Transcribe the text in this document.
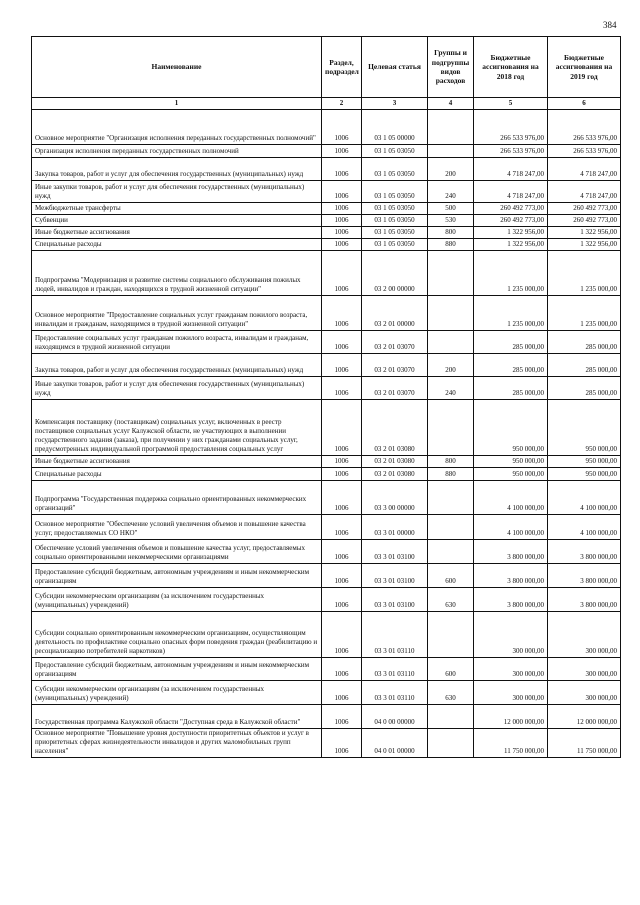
384
Наименование	Раздел, подраздел	Целевая статья	Группы и подгруппы видов расходов	Бюджетные ассигнования на 2018 год	Бюджетные ассигнования на 2019 год
1	2	3	4	5	6
Основное мероприятие "Организация исполнения переданных государственных полномочий"	1006	03 1 05 00000		266 533 976,00	266 533 976,00
Организация исполнения переданных государственных полномочий	1006	03 1 05 03050		266 533 976,00	266 533 976,00
Закупка товаров, работ и услуг для обеспечения государственных (муниципальных) нужд	1006	03 1 05 03050	200	4 718 247,00	4 718 247,00
Иные закупки товаров, работ и услуг для обеспечения государственных (муниципальных) нужд	1006	03 1 05 03050	240	4 718 247,00	4 718 247,00
Межбюджетные трансферты	1006	03 1 05 03050	500	260 492 773,00	260 492 773,00
Субвенции	1006	03 1 05 03050	530	260 492 773,00	260 492 773,00
Иные бюджетные ассигнования	1006	03 1 05 03050	800	1 322 956,00	1 322 956,00
Специальные расходы	1006	03 1 05 03050	880	1 322 956,00	1 322 956,00
Подпрограмма "Модернизация и развитие системы социального обслуживания пожилых людей, инвалидов и граждан, находящихся в трудной жизненной ситуации"	1006	03 2 00 00000		1 235 000,00	1 235 000,00
Основное мероприятие "Предоставление социальных услуг гражданам пожилого возраста, инвалидам и гражданам, находящимся в трудной жизненной ситуации"	1006	03 2 01 00000		1 235 000,00	1 235 000,00
Предоставление социальных услуг гражданам пожилого возраста, инвалидам и гражданам, находящимся в трудной жизненной ситуации	1006	03 2 01 03070		285 000,00	285 000,00
Закупка товаров, работ и услуг для обеспечения государственных (муниципальных) нужд	1006	03 2 01 03070	200	285 000,00	285 000,00
Иные закупки товаров, работ и услуг для обеспечения государственных (муниципальных) нужд	1006	03 2 01 03070	240	285 000,00	285 000,00
Компенсация поставщику (поставщикам) социальных услуг, включенных в реестр поставщиков социальных услуг Калужской области, не участвующих в выполнении государственного задания (заказа), при получении у них гражданами социальных услуг, предусмотренных индивидуальной программой предоставления социальных услуг	1006	03 2 01 03080		950 000,00	950 000,00
Иные бюджетные ассигнования	1006	03 2 01 03080	800	950 000,00	950 000,00
Специальные расходы	1006	03 2 01 03080	880	950 000,00	950 000,00
Подпрограмма "Государственная поддержка социально ориентированных некоммерческих организаций"	1006	03 3 00 00000		4 100 000,00	4 100 000,00
Основное мероприятие "Обеспечение условий увеличения объемов и повышение качества услуг, предоставляемых СО НКО"	1006	03 3 01 00000		4 100 000,00	4 100 000,00
Обеспечение условий увеличения объемов и повышение качества услуг, предоставляемых социально ориентированными некоммерческими организациями	1006	03 3 01 03100		3 800 000,00	3 800 000,00
Предоставление субсидий бюджетным, автономным учреждениям и иным некоммерческим организациям	1006	03 3 01 03100	600	3 800 000,00	3 800 000,00
Субсидии некоммерческим организациям (за исключением государственных (муниципальных) учреждений)	1006	03 3 01 03100	630	3 800 000,00	3 800 000,00
Субсидии социально ориентированным некоммерческим организациям, осуществляющим деятельность по профилактике социально опасных форм поведения граждан (реабилитацию и ресоциализацию потребителей наркотиков)	1006	03 3 01 03110		300 000,00	300 000,00
Предоставление субсидий бюджетным, автономным учреждениям и иным некоммерческим организациям	1006	03 3 01 03110	600	300 000,00	300 000,00
Субсидии некоммерческим организациям (за исключением государственных (муниципальных) учреждений)	1006	03 3 01 03110	630	300 000,00	300 000,00
Государственная программа Калужской области "Доступная среда в Калужской области"	1006	04 0 00 00000		12 000 000,00	12 000 000,00
Основное мероприятие "Повышение уровня доступности приоритетных объектов и услуг в приоритетных сферах жизнедеятельности инвалидов и других маломобильных групп населения"	1006	04 0 01 00000		11 750 000,00	11 750 000,00
